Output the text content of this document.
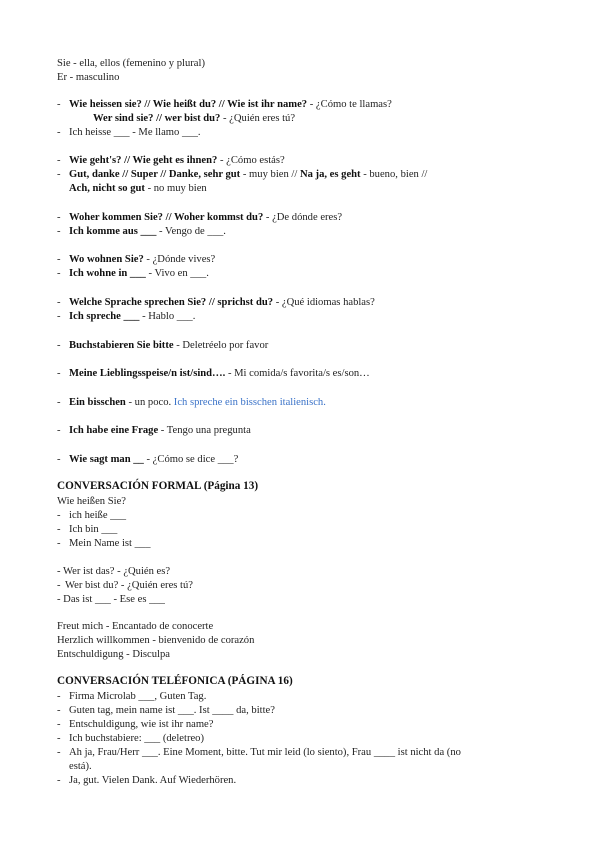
Sie - ella, ellos (femenino y plural)
Er - masculino
- Wie heissen sie? // Wie heißt du? // Wie ist ihr name? - ¿Cómo te llamas?
Wer sind sie? // wer bist du? - ¿Quién eres tú?
- Ich heisse ___ - Me llamo ___.
- Wie geht's? // Wie geht es ihnen? - ¿Cómo estás?
- Gut, danke // Super // Danke, sehr gut - muy bien // Na ja, es geht - bueno, bien //
Ach, nicht so gut - no muy bien
- Woher kommen Sie? // Woher kommst du? - ¿De dónde eres?
- Ich komme aus ___ - Vengo de ___.
- Wo wohnen Sie? - ¿Dónde vives?
- Ich wohne in ___ - Vivo en ___.
- Welche Sprache sprechen Sie? // sprichst du? - ¿Qué idiomas hablas?
- Ich spreche ___ - Hablo ___.
- Buchstabieren Sie bitte - Deletréelo por favor
- Meine Lieblingsspeise/n ist/sind…. - Mi comida/s favorita/s es/son…
- Ein bisschen - un poco. Ich spreche ein bisschen italienisch.
- Ich habe eine Frage - Tengo una pregunta
- Wie sagt man __ - ¿Cómo se dice ___?
CONVERSACIÓN FORMAL (Página 13)
Wie heißen Sie?
- ich heiße ___
- Ich bin ___
- Mein Name ist ___
- Wer ist das? - ¿Quién es?
- Wer bist du? - ¿Quién eres tú?
- Das ist ___ - Ese es ___
Freut mich - Encantado de conocerte
Herzlich willkommen - bienvenido de corazón
Entschuldigung - Disculpa
CONVERSACIÓN TELÉFONICA (PÁGINA 16)
- Firma Microlab ___, Guten Tag.
- Guten tag, mein name ist ___. Ist ____ da, bitte?
- Entschuldigung, wie ist ihr name?
- Ich buchstabiere: ___ (deletreo)
- Ah ja, Frau/Herr ___. Eine Moment, bitte. Tut mir leid (lo siento), Frau ____ ist nicht da (no
está).
- Ja, gut. Vielen Dank. Auf Wiederhören.
